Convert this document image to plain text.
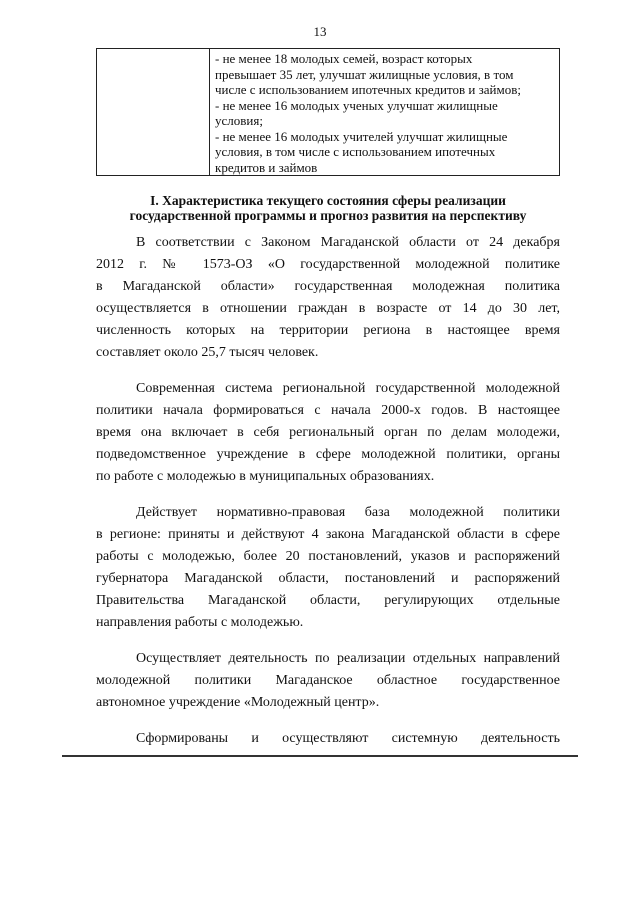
13
- не менее 18 молодых семей, возраст которых
превышает 35 лет, улучшат жилищные условия, в том
числе с использованием ипотечных кредитов и займов;
- не менее 16 молодых ученых улучшат жилищные
условия;
- не менее 16 молодых учителей улучшат жилищные
условия, в том числе с использованием ипотечных
кредитов и займов
I. Характеристика текущего состояния сферы реализации
государственной программы и прогноз развития на перспективу
В соответствии с Законом Магаданской области от 24 декабря
2012 г. № 1573-ОЗ «О государственной молодежной политике
в Магаданской области» государственная молодежная политика
осуществляется в отношении граждан в возрасте от 14 до 30 лет,
численность которых на территории региона в настоящее время
составляет около 25,7 тысяч человек.
Современная система региональной государственной молодежной
политики начала формироваться с начала 2000-х годов. В настоящее
время она включает в себя региональный орган по делам молодежи,
подведомственное учреждение в сфере молодежной политики, органы
по работе с молодежью в муниципальных образованиях.
Действует нормативно-правовая база молодежной политики
в регионе: приняты и действуют 4 закона Магаданской области в сфере
работы с молодежью, более 20 постановлений, указов и распоряжений
губернатора Магаданской области, постановлений и распоряжений
Правительства Магаданской области, регулирующих отдельные
направления работы с молодежью.
Осуществляет деятельность по реализации отдельных направлений
молодежной политики Магаданское областное государственное
автономное учреждение «Молодежный центр».
Сформированы и осуществляют системную деятельность
